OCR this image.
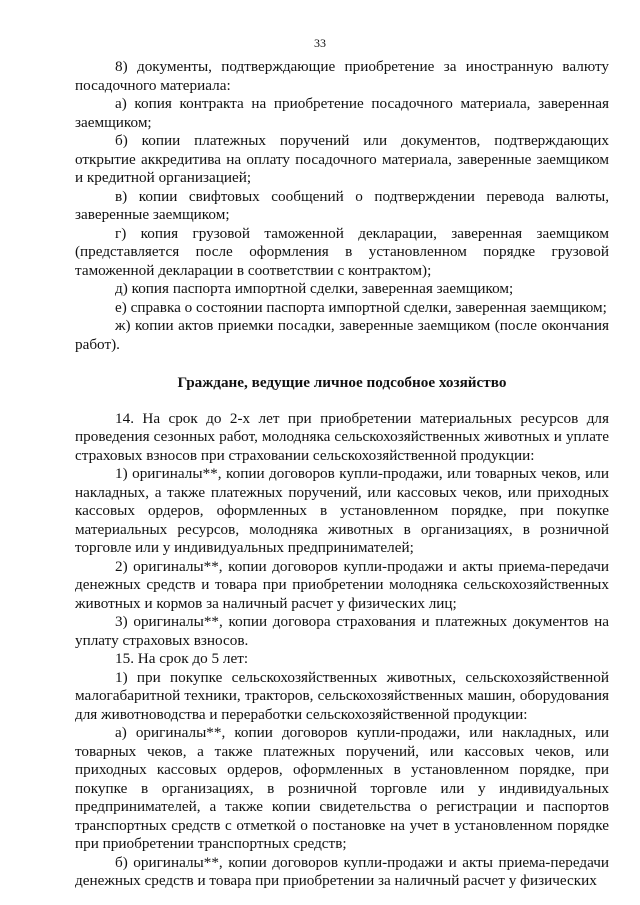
33

8) документы, подтверждающие приобретение за иностранную валюту посадочного материала:

а) копия контракта на приобретение посадочного материала, заверенная заемщиком;

б) копии платежных поручений или документов, подтверждающих открытие аккредитива на оплату посадочного материала, заверенные заемщиком и кредитной организацией;

в) копии свифтовых сообщений о подтверждении перевода валюты, заверенные заемщиком;

г) копия грузовой таможенной декларации, заверенная заемщиком (представляется после оформления в установленном порядке грузовой таможенной декларации в соответствии с контрактом);

д) копия паспорта импортной сделки, заверенная заемщиком;

е) справка о состоянии паспорта импортной сделки, заверенная заемщиком;

ж) копии актов приемки посадки, заверенные заемщиком (после окончания работ).

Граждане, ведущие личное подсобное хозяйство

14. На срок до 2-х лет при приобретении материальных ресурсов для проведения сезонных работ, молодняка сельскохозяйственных животных и уплате страховых взносов при страховании сельскохозяйственной продукции:

1) оригиналы**, копии договоров купли-продажи, или товарных чеков, или накладных, а также платежных поручений, или кассовых чеков, или приходных кассовых ордеров, оформленных в установленном порядке, при покупке материальных ресурсов, молодняка животных в организациях, в розничной торговле или у индивидуальных предпринимателей;

2) оригиналы**, копии договоров купли-продажи и акты приема-передачи денежных средств и товара при приобретении молодняка сельскохозяйственных животных и кормов за наличный расчет у физических лиц;

3) оригиналы**, копии договора страхования и платежных документов на уплату страховых взносов.

15. На срок до 5 лет:

1) при покупке сельскохозяйственных животных, сельскохозяйственной малогабаритной техники, тракторов, сельскохозяйственных машин, оборудования для животноводства и переработки сельскохозяйственной продукции:

а) оригиналы**, копии договоров купли-продажи, или накладных, или товарных чеков, а также платежных поручений, или кассовых чеков, или приходных кассовых ордеров, оформленных в установленном порядке, при покупке в организациях, в розничной торговле или у индивидуальных предпринимателей, а также копии свидетельства о регистрации и паспортов транспортных средств с отметкой о постановке на учет в установленном порядке при приобретении транспортных средств;

б) оригиналы**, копии договоров купли-продажи и акты приема-передачи денежных средств и товара при приобретении за наличный расчет у физических
